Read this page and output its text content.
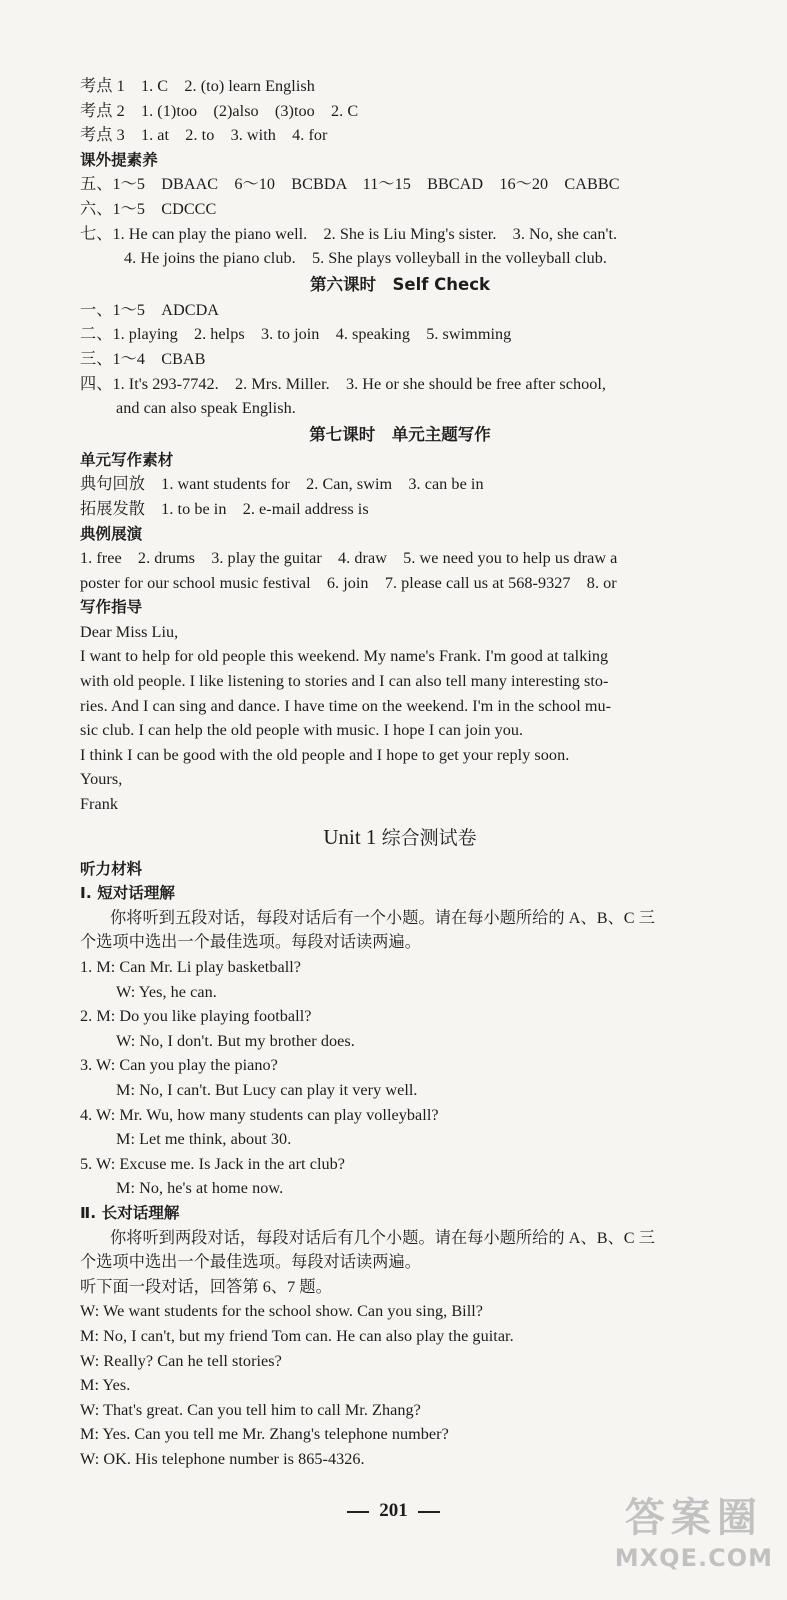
考点 1　1. C　2. (to) learn English
考点 2　1. (1)too　(2)also　(3)too　2. C
考点 3　1. at　2. to　3. with　4. for
课外提素养
五、1～5　DBAAC　6～10　BCBDA　11～15　BBCAD　16～20　CABBC
六、1～5　CDCCC
七、1. He can play the piano well.　2. She is Liu Ming's sister.　3. No, she can't.
4. He joins the piano club.　5. She plays volleyball in the volleyball club.
第六课时　Self Check
一、1～5　ADCDA
二、1. playing　2. helps　3. to join　4. speaking　5. swimming
三、1～4　CBAB
四、1. It's 293-7742.　2. Mrs. Miller.　3. He or she should be free after school,
and can also speak English.
第七课时　单元主题写作
单元写作素材
典句回放　1. want students for　2. Can, swim　3. can be in
拓展发散　1. to be in　2. e-mail address is
典例展演
1. free　2. drums　3. play the guitar　4. draw　5. we need you to help us draw a
poster for our school music festival　6. join　7. please call us at 568-9327　8. or
写作指导
Dear Miss Liu,
I want to help for old people this weekend. My name's Frank. I'm good at talking
with old people. I like listening to stories and I can also tell many interesting sto-
ries. And I can sing and dance. I have time on the weekend. I'm in the school mu-
sic club. I can help the old people with music. I hope I can join you.
I think I can be good with the old people and I hope to get your reply soon.
Yours,
Frank
Unit 1 综合测试卷
听力材料
Ⅰ. 短对话理解
你将听到五段对话，每段对话后有一个小题。请在每小题所给的 A、B、C 三
个选项中选出一个最佳选项。每段对话读两遍。
1. M: Can Mr. Li play basketball?
W: Yes, he can.
2. M: Do you like playing football?
W: No, I don't. But my brother does.
3. W: Can you play the piano?
M: No, I can't. But Lucy can play it very well.
4. W: Mr. Wu, how many students can play volleyball?
M: Let me think, about 30.
5. W: Excuse me. Is Jack in the art club?
M: No, he's at home now.
Ⅱ. 长对话理解
你将听到两段对话，每段对话后有几个小题。请在每小题所给的 A、B、C 三
个选项中选出一个最佳选项。每段对话读两遍。
听下面一段对话，回答第 6、7 题。
W: We want students for the school show. Can you sing, Bill?
M: No, I can't, but my friend Tom can. He can also play the guitar.
W: Really? Can he tell stories?
M: Yes.
W: That's great. Can you tell him to call Mr. Zhang?
M: Yes. Can you tell me Mr. Zhang's telephone number?
W: OK. His telephone number is 865-4326.
201	答案圈
MXQE.COM
